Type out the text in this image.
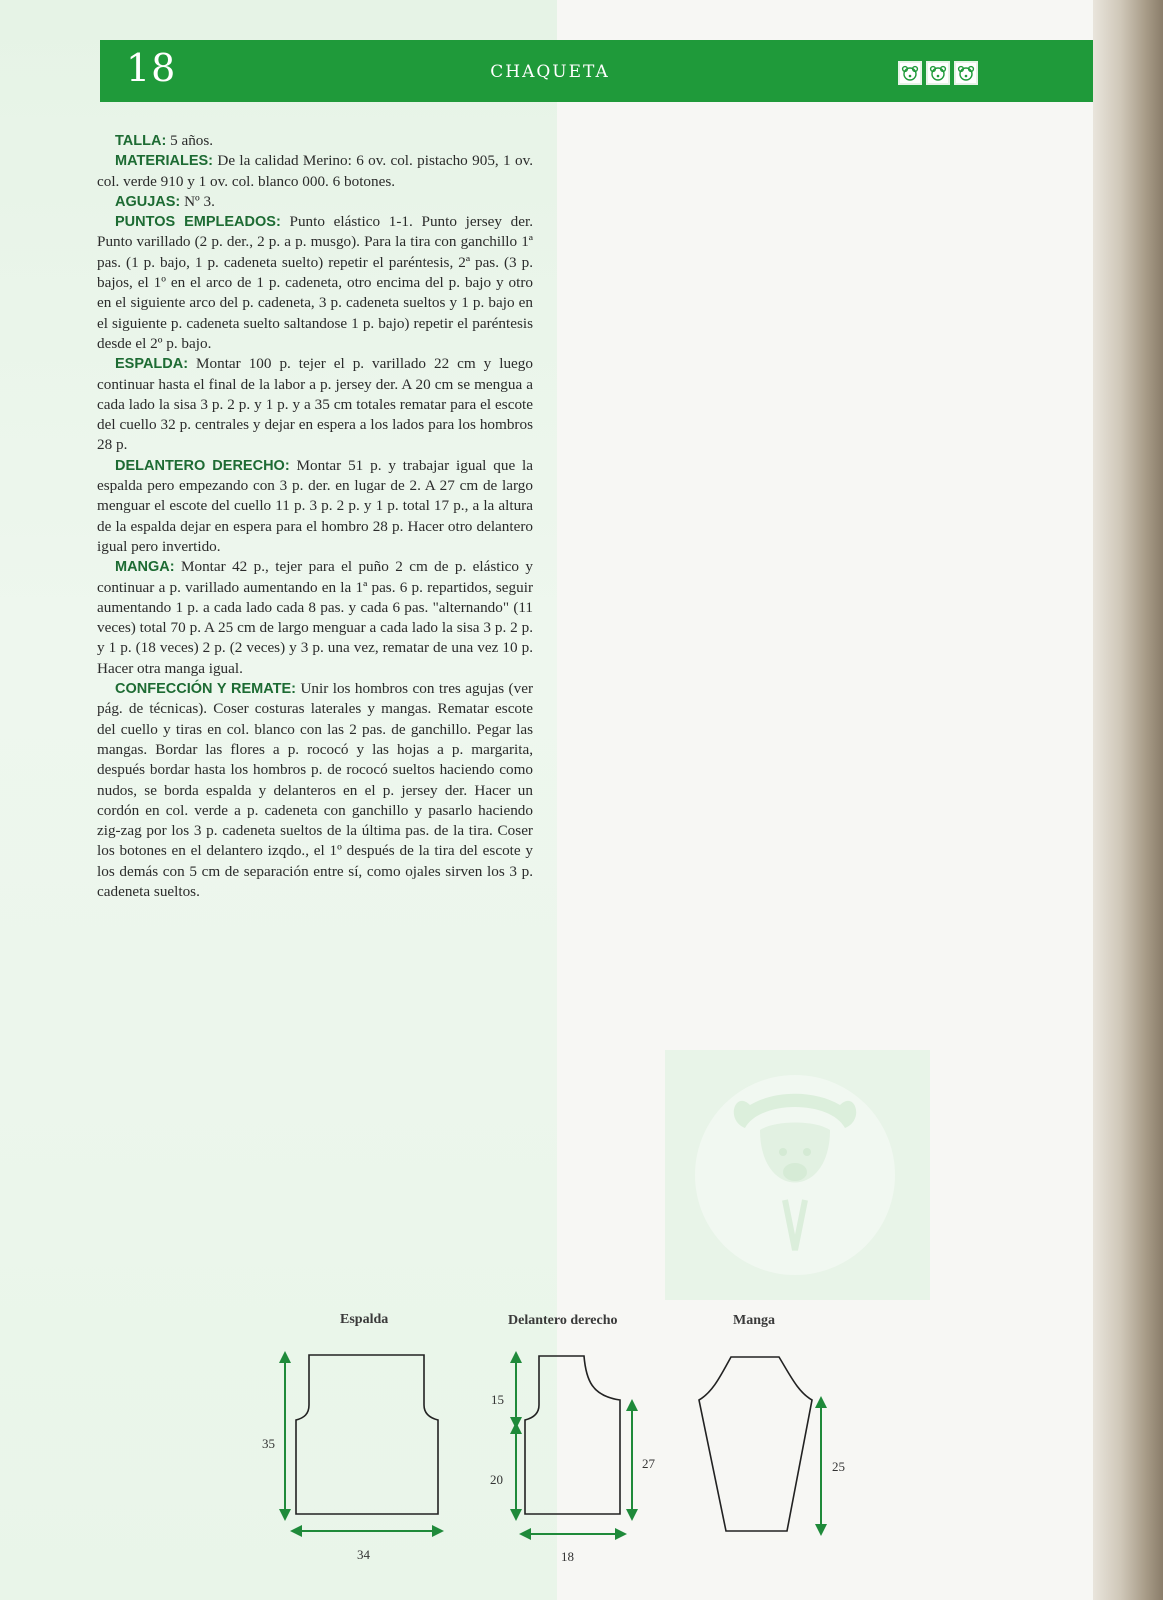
18	CHAQUETA

TALLA: 5 años.

MATERIALES: De la calidad Merino: 6 ov. col. pistacho 905, 1 ov. col. verde 910 y 1 ov. col. blanco 000. 6 botones.

AGUJAS: Nº 3.

PUNTOS EMPLEADOS: Punto elástico 1-1. Punto jersey der. Punto varillado (2 p. der., 2 p. a p. musgo). Para la tira con ganchillo 1ª pas. (1 p. bajo, 1 p. cadeneta suelto) repetir el paréntesis, 2ª pas. (3 p. bajos, el 1º en el arco de 1 p. cadeneta, otro encima del p. bajo y otro en el siguiente arco del p. cadeneta, 3 p. cadeneta sueltos y 1 p. bajo en el siguiente p. cadeneta suelto saltandose 1 p. bajo) repetir el paréntesis desde el 2º p. bajo.

ESPALDA: Montar 100 p. tejer el p. varillado 22 cm y luego continuar hasta el final de la labor a p. jersey der. A 20 cm se mengua a cada lado la sisa 3 p. 2 p. y 1 p. y a 35 cm totales rematar para el escote del cuello 32 p. centrales y dejar en espera a los lados para los hombros 28 p.

DELANTERO DERECHO: Montar 51 p. y trabajar igual que la espalda pero empezando con 3 p. der. en lugar de 2. A 27 cm de largo menguar el escote del cuello 11 p. 3 p. 2 p. y 1 p. total 17 p., a la altura de la espalda dejar en espera para el hombro 28 p. Hacer otro delantero igual pero invertido.

MANGA: Montar 42 p., tejer para el puño 2 cm de p. elástico y continuar a p. varillado aumentando en la 1ª pas. 6 p. repartidos, seguir aumentando 1 p. a cada lado cada 8 pas. y cada 6 pas. "alternando" (11 veces) total 70 p. A 25 cm de largo menguar a cada lado la sisa 3 p. 2 p. y 1 p. (18 veces) 2 p. (2 veces) y 3 p. una vez, rematar de una vez 10 p. Hacer otra manga igual.

CONFECCIÓN Y REMATE: Unir los hombros con tres agujas (ver pág. de técnicas). Coser costuras laterales y mangas. Rematar escote del cuello y tiras en col. blanco con las 2 pas. de ganchillo. Pegar las mangas. Bordar las flores a p. rococó y las hojas a p. margarita, después bordar hasta los hombros p. de rococó sueltos haciendo como nudos, se borda espalda y delanteros en el p. jersey der. Hacer un cordón en col. verde a p. cadeneta con ganchillo y pasarlo haciendo zig-zag por los 3 p. cadeneta sueltos de la última pas. de la tira. Coser los botones en el delantero izqdo., el 1º después de la tira del escote y los demás con 5 cm de separación entre sí, como ojales sirven los 3 p. cadeneta sueltos.

Espalda	Delantero derecho	Manga
35
34
15
20
27
18
25
